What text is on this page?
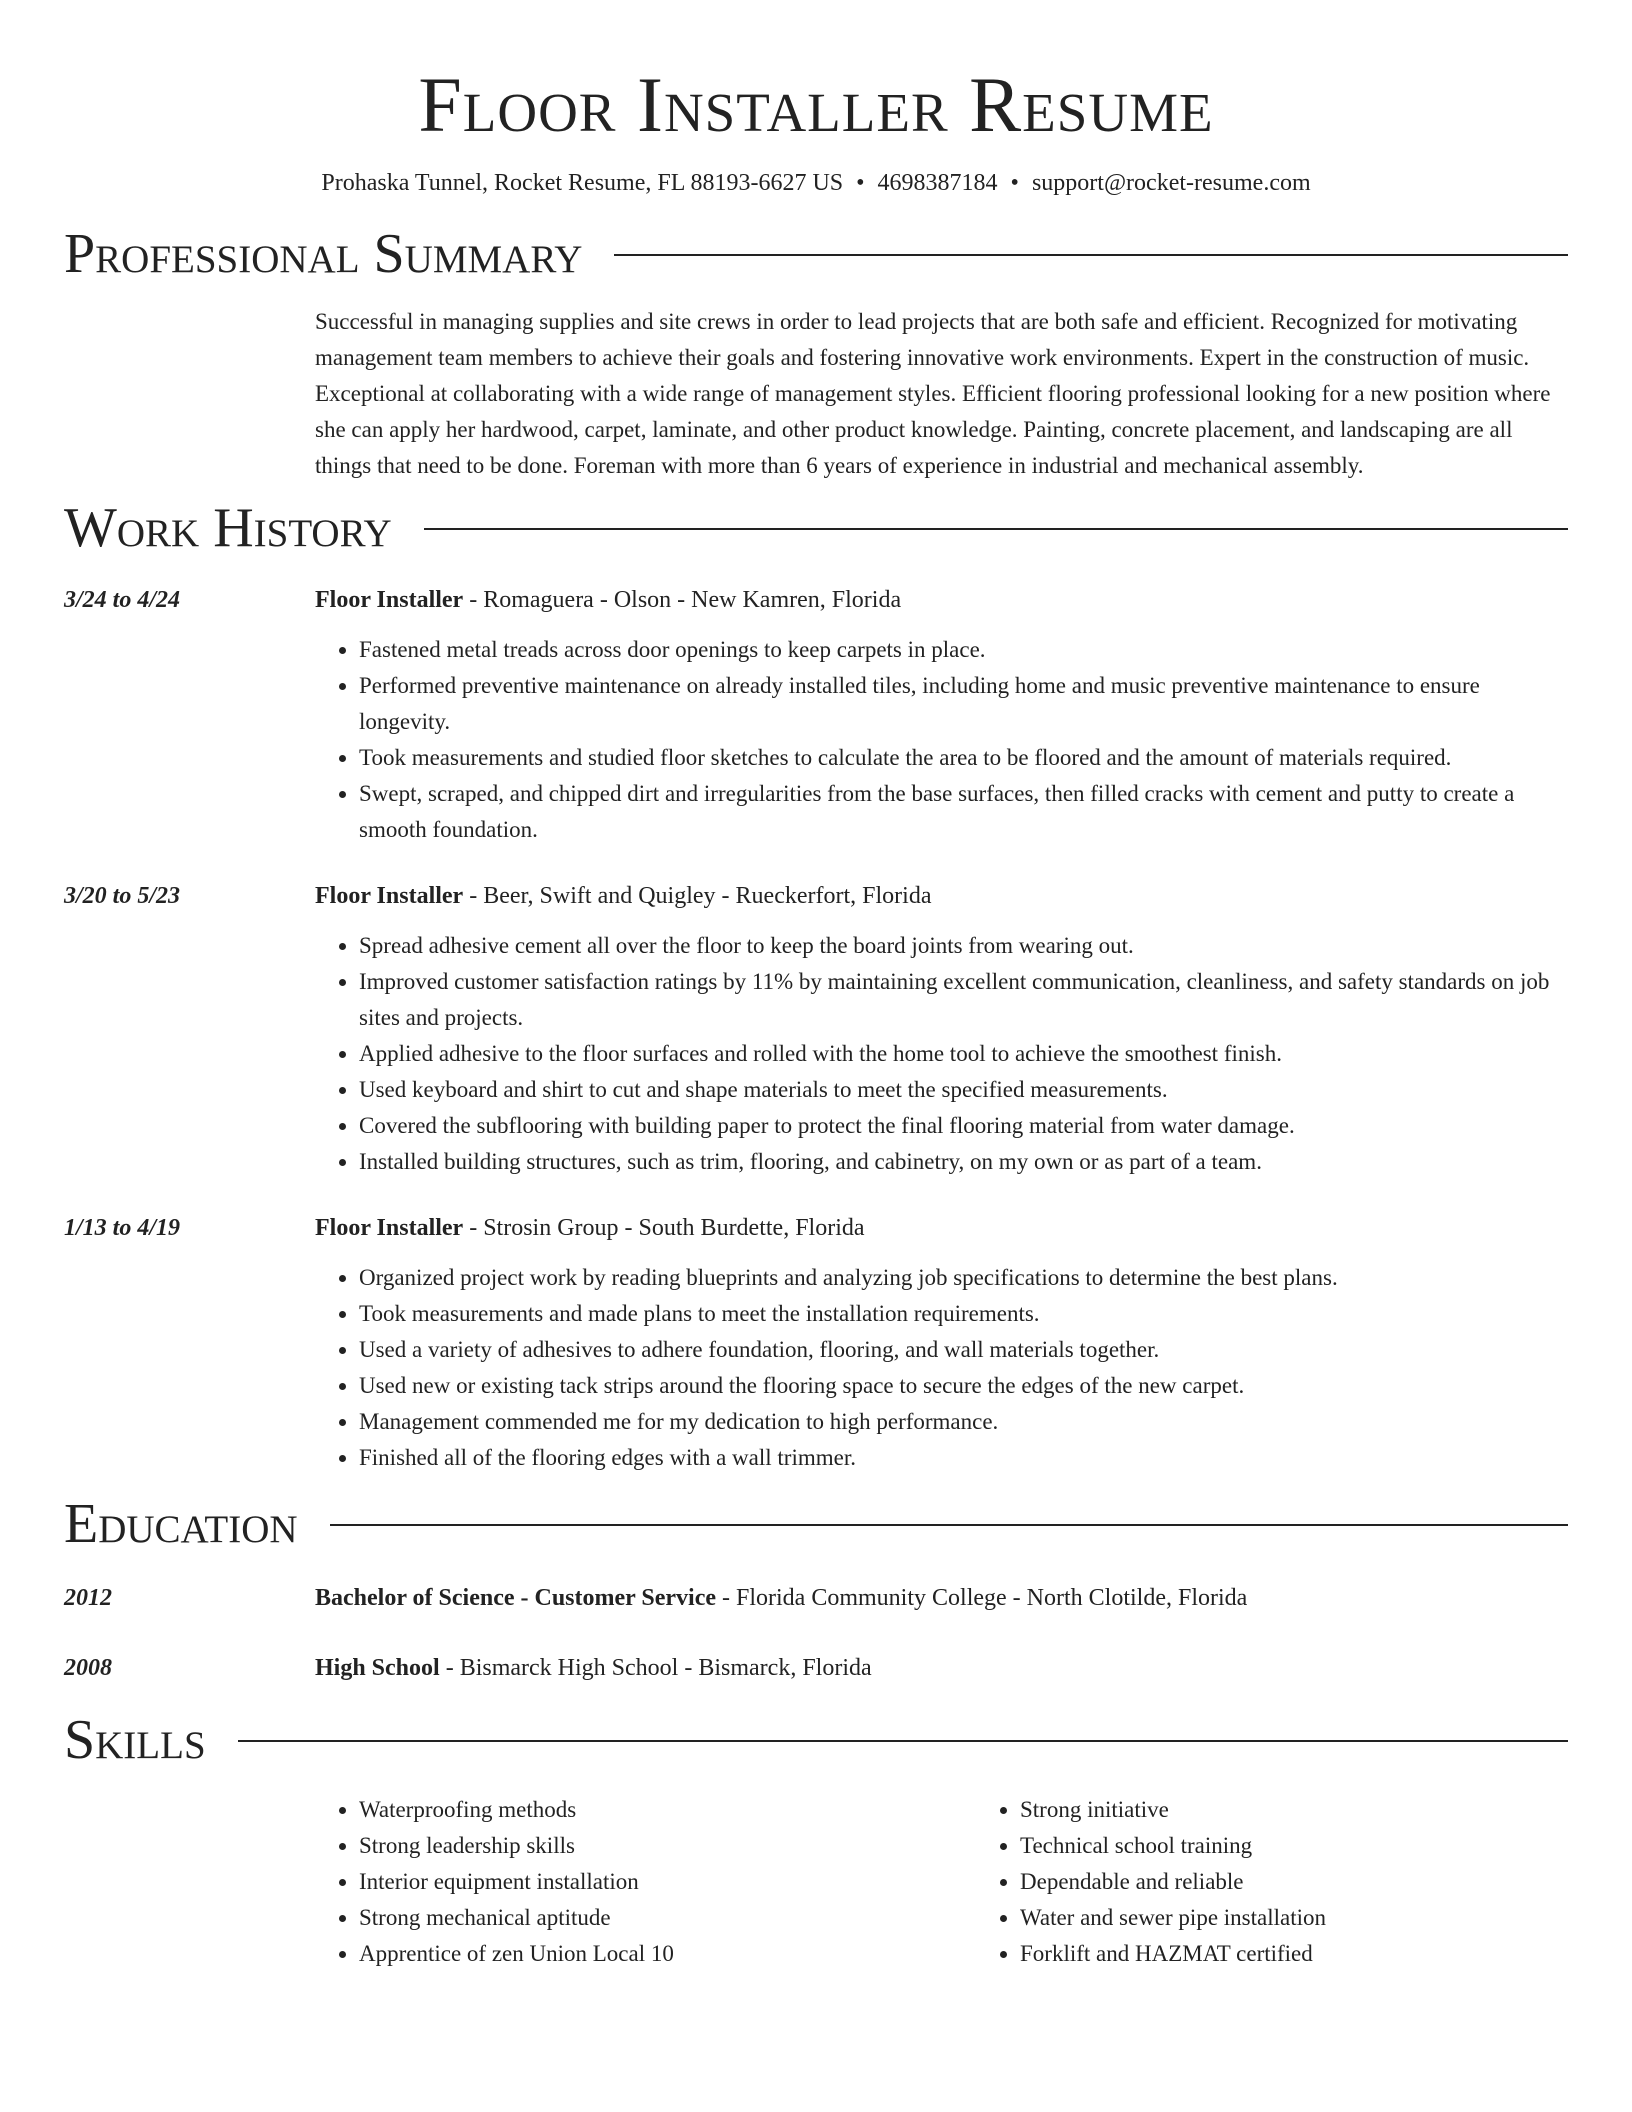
Floor Installer Resume
Prohaska Tunnel, Rocket Resume, FL 88193-6627 US • 4698387184 • support@rocket-resume.com
Professional Summary

Successful in managing supplies and site crews in order to lead projects that are both safe and efficient. Recognized for motivating management team members to achieve their goals and fostering innovative work environments. Expert in the construction of music. Exceptional at collaborating with a wide range of management styles. Efficient flooring professional looking for a new position where she can apply her hardwood, carpet, laminate, and other product knowledge. Painting, concrete placement, and landscaping are all things that need to be done. Foreman with more than 6 years of experience in industrial and mechanical assembly.

Work History
3/24 to 4/24	Floor Installer - Romaguera - Olson - New Kamren, Florida
• Fastened metal treads across door openings to keep carpets in place.
• Performed preventive maintenance on already installed tiles, including home and music preventive maintenance to ensure longevity.
• Took measurements and studied floor sketches to calculate the area to be floored and the amount of materials required.
• Swept, scraped, and chipped dirt and irregularities from the base surfaces, then filled cracks with cement and putty to create a smooth foundation.
3/20 to 5/23	Floor Installer - Beer, Swift and Quigley - Rueckerfort, Florida
• Spread adhesive cement all over the floor to keep the board joints from wearing out.
• Improved customer satisfaction ratings by 11% by maintaining excellent communication, cleanliness, and safety standards on job sites and projects.
• Applied adhesive to the floor surfaces and rolled with the home tool to achieve the smoothest finish.
• Used keyboard and shirt to cut and shape materials to meet the specified measurements.
• Covered the subflooring with building paper to protect the final flooring material from water damage.
• Installed building structures, such as trim, flooring, and cabinetry, on my own or as part of a team.
1/13 to 4/19	Floor Installer - Strosin Group - South Burdette, Florida
• Organized project work by reading blueprints and analyzing job specifications to determine the best plans.
• Took measurements and made plans to meet the installation requirements.
• Used a variety of adhesives to adhere foundation, flooring, and wall materials together.
• Used new or existing tack strips around the flooring space to secure the edges of the new carpet.
• Management commended me for my dedication to high performance.
• Finished all of the flooring edges with a wall trimmer.
Education
2012	Bachelor of Science - Customer Service - Florida Community College - North Clotilde, Florida
2008	High School - Bismarck High School - Bismarck, Florida
Skills
• Waterproofing methods
• Strong leadership skills
• Interior equipment installation
• Strong mechanical aptitude
• Apprentice of zen Union Local 10
• Strong initiative
• Technical school training
• Dependable and reliable
• Water and sewer pipe installation
• Forklift and HAZMAT certified
